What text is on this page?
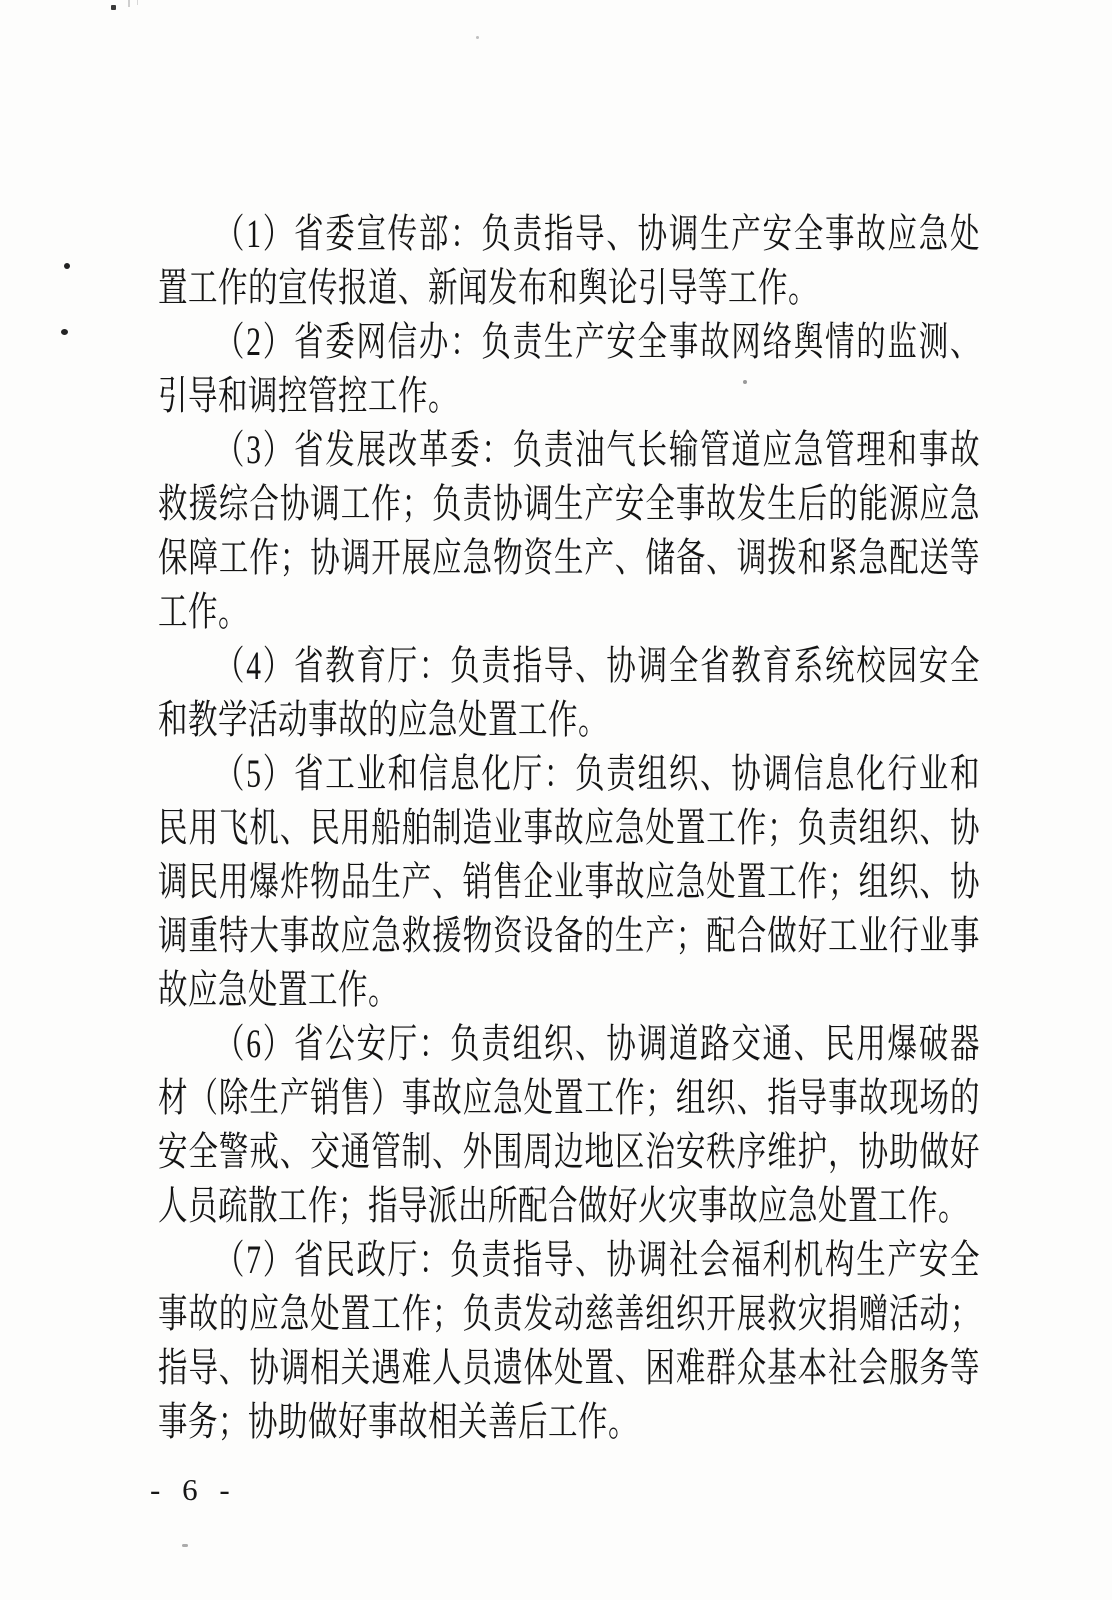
（1）省委宣传部：负责指导、协调生产安全事故应急处置工作的宣传报道、新闻发布和舆论引导等工作。

（2）省委网信办：负责生产安全事故网络舆情的监测、引导和调控管控工作。

（3）省发展改革委：负责油气长输管道应急管理和事故救援综合协调工作；负责协调生产安全事故发生后的能源应急保障工作；协调开展应急物资生产、储备、调拨和紧急配送等工作。

（4）省教育厅：负责指导、协调全省教育系统校园安全和教学活动事故的应急处置工作。

（5）省工业和信息化厅：负责组织、协调信息化行业和民用飞机、民用船舶制造业事故应急处置工作；负责组织、协调民用爆炸物品生产、销售企业事故应急处置工作；组织、协调重特大事故应急救援物资设备的生产；配合做好工业行业事故应急处置工作。

（6）省公安厅：负责组织、协调道路交通、民用爆破器材（除生产销售）事故应急处置工作；组织、指导事故现场的安全警戒、交通管制、外围周边地区治安秩序维护，协助做好人员疏散工作；指导派出所配合做好火灾事故应急处置工作。

（7）省民政厅：负责指导、协调社会福利机构生产安全事故的应急处置工作；负责发动慈善组织开展救灾捐赠活动；指导、协调相关遇难人员遗体处置、困难群众基本社会服务等事务；协助做好事故相关善后工作。

- 6 -
